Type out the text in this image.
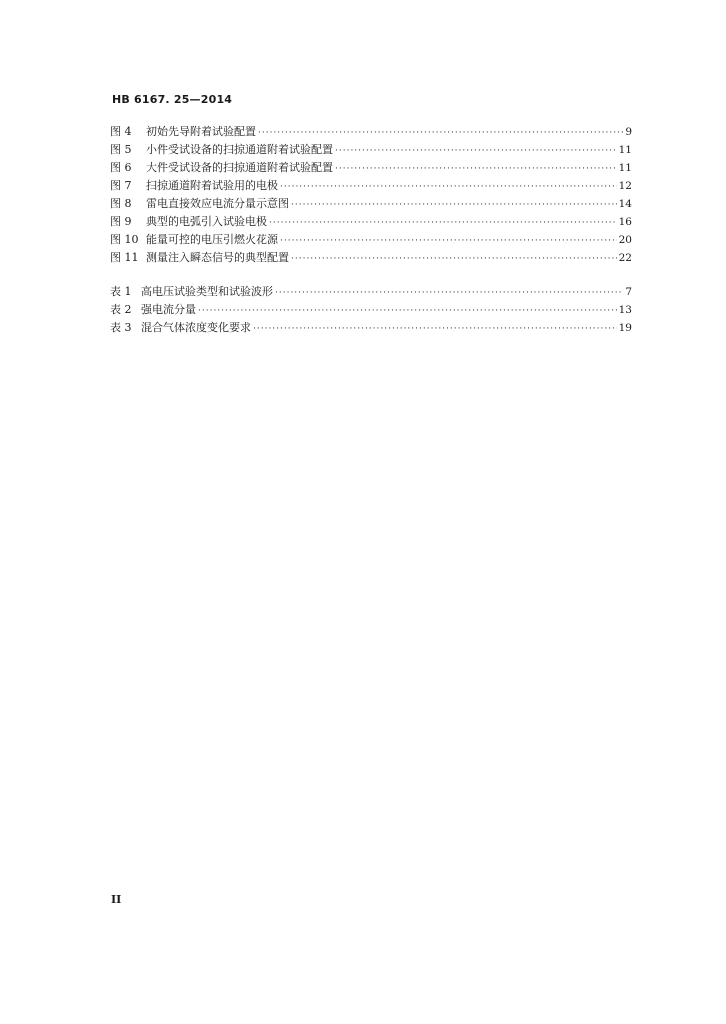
HB 6167. 25—2014
图 4 初始先导附着试验配置 ·····	9
图 5 小件受试设备的扫掠通道附着试验配置 ·····	11
图 6 大件受试设备的扫掠通道附着试验配置 ·····	11
图 7 扫掠通道附着试验用的电极 ·····	12
图 8 雷电直接效应电流分量示意图 ·····	14
图 9 典型的电弧引入试验电极 ·····	16
图 10 能量可控的电压引燃火花源 ·····	20
图 11 测量注入瞬态信号的典型配置 ·····	22
表 1 高电压试验类型和试验波形 ·····	7
表 2 强电流分量 ·····	13
表 3 混合气体浓度变化要求 ·····	19
II
